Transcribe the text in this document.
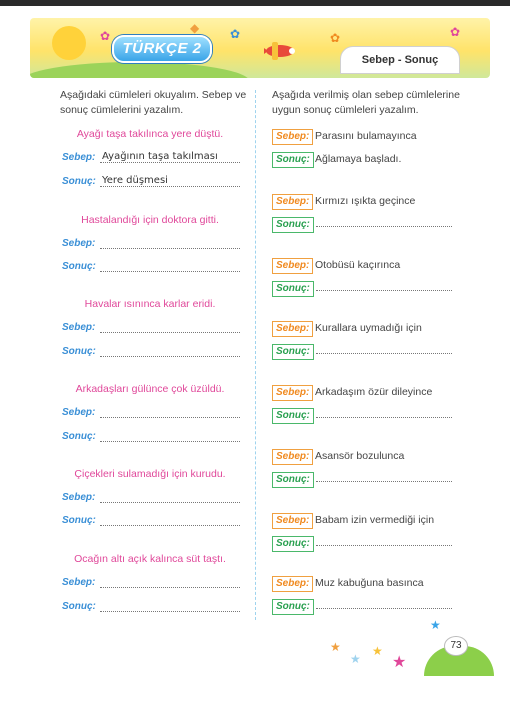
✿	✿	✿	✿
◆
TÜRKÇE 2
Sebep - Sonuç
Aşağıdaki cümleleri okuyalım. Sebep ve sonuç cümlelerini yazalım.
Aşağıda verilmiş olan sebep cümlelerine uygun sonuç cümleleri yazalım.
Ayağı taşa takılınca yere düştü.
Sebep: Ayağının taşa takılması
Sonuç: Yere düşmesi
Hastalandığı için doktora gitti.
Sebep:
Sonuç:
Havalar ısınınca karlar eridi.
Sebep:
Sonuç:
Arkadaşları gülünce çok üzüldü.
Sebep:
Sonuç:
Çiçekleri sulamadığı için kurudu.
Sebep:
Sonuç:
Ocağın altı açık kalınca süt taştı.
Sebep:
Sonuç:
Sebep: Parasını bulamayınca
Sonuç: Ağlamaya başladı.
Sebep: Kırmızı ışıkta geçince
Sonuç:
Sebep: Otobüsü kaçırınca
Sonuç:
Sebep: Kurallara uymadığı için
Sonuç:
Sebep: Arkadaşım özür dileyince
Sonuç:
Sebep: Asansör bozulunca
Sonuç:
Sebep: Babam izin vermediği için
Sonuç:
Sebep: Muz kabuğuna basınca
Sonuç:
★
★
★
★
★
73
